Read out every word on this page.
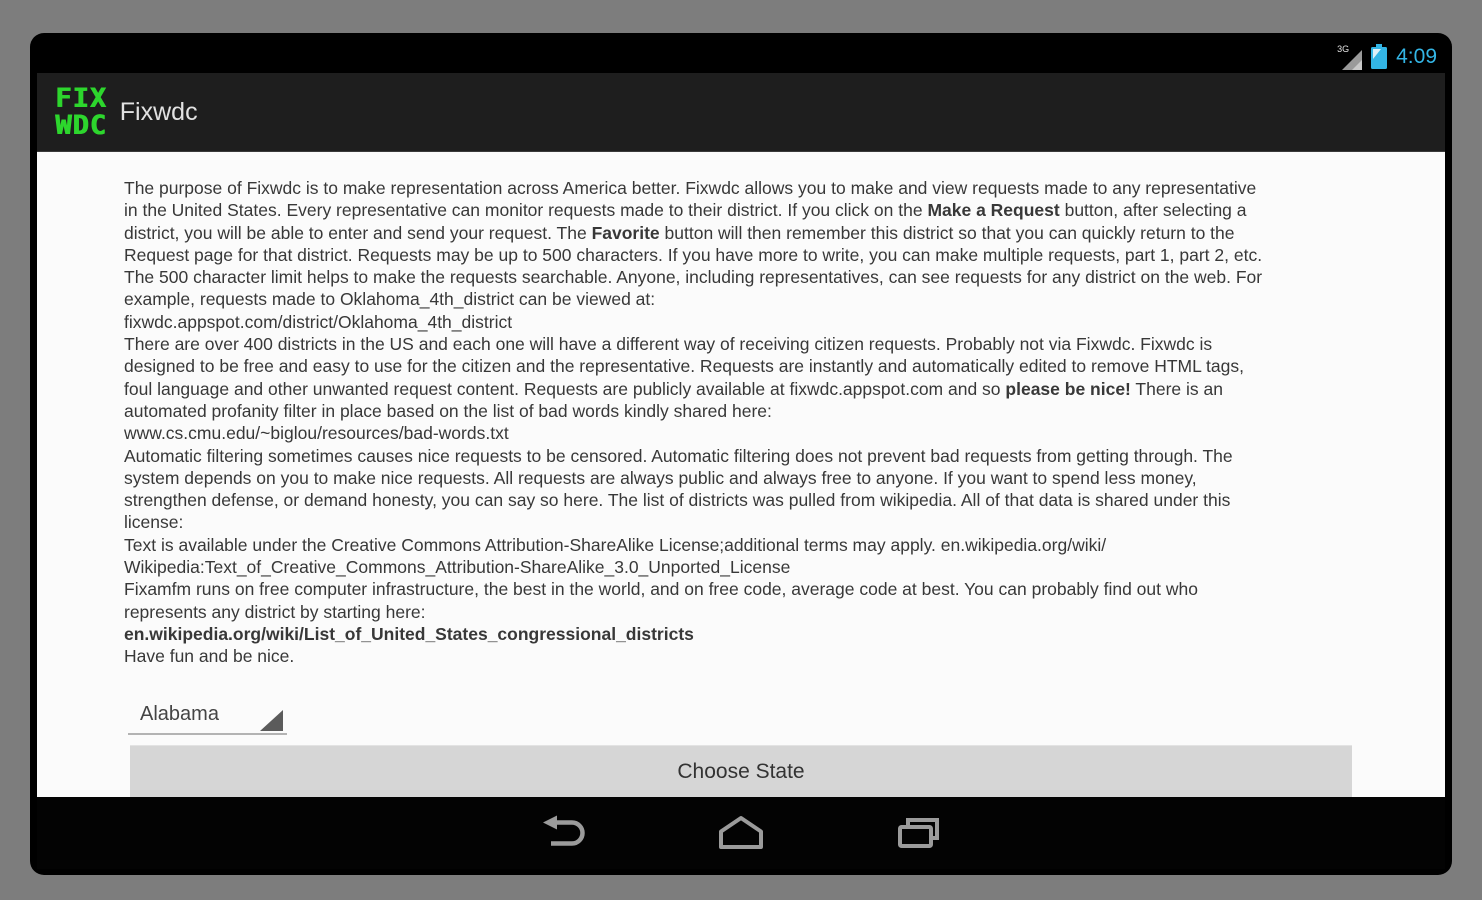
3G 4:09
FIX
WDC Fixwdc
The purpose of Fixwdc is to make representation across America better. Fixwdc allows you to make and view requests made to any representative
in the United States. Every representative can monitor requests made to their district. If you click on the Make a Request button, after selecting a
district, you will be able to enter and send your request. The Favorite button will then remember this district so that you can quickly return to the
Request page for that district. Requests may be up to 500 characters. If you have more to write, you can make multiple requests, part 1, part 2, etc.
The 500 character limit helps to make the requests searchable. Anyone, including representatives, can see requests for any district on the web. For
example, requests made to Oklahoma_4th_district can be viewed at:
fixwdc.appspot.com/district/Oklahoma_4th_district
There are over 400 districts in the US and each one will have a different way of receiving citizen requests. Probably not via Fixwdc. Fixwdc is
designed to be free and easy to use for the citizen and the representative. Requests are instantly and automatically edited to remove HTML tags,
foul language and other unwanted request content. Requests are publicly available at fixwdc.appspot.com and so please be nice! There is an
automated profanity filter in place based on the list of bad words kindly shared here:
www.cs.cmu.edu/~biglou/resources/bad-words.txt
Automatic filtering sometimes causes nice requests to be censored. Automatic filtering does not prevent bad requests from getting through. The
system depends on you to make nice requests. All requests are always public and always free to anyone. If you want to spend less money,
strengthen defense, or demand honesty, you can say so here. The list of districts was pulled from wikipedia. All of that data is shared under this
license:
Text is available under the Creative Commons Attribution-ShareAlike License;additional terms may apply. en.wikipedia.org/wiki/
Wikipedia:Text_of_Creative_Commons_Attribution-ShareAlike_3.0_Unported_License
Fixamfm runs on free computer infrastructure, the best in the world, and on free code, average code at best. You can probably find out who
represents any district by starting here:
en.wikipedia.org/wiki/List_of_United_States_congressional_districts
Have fun and be nice.
Alabama
Choose State
